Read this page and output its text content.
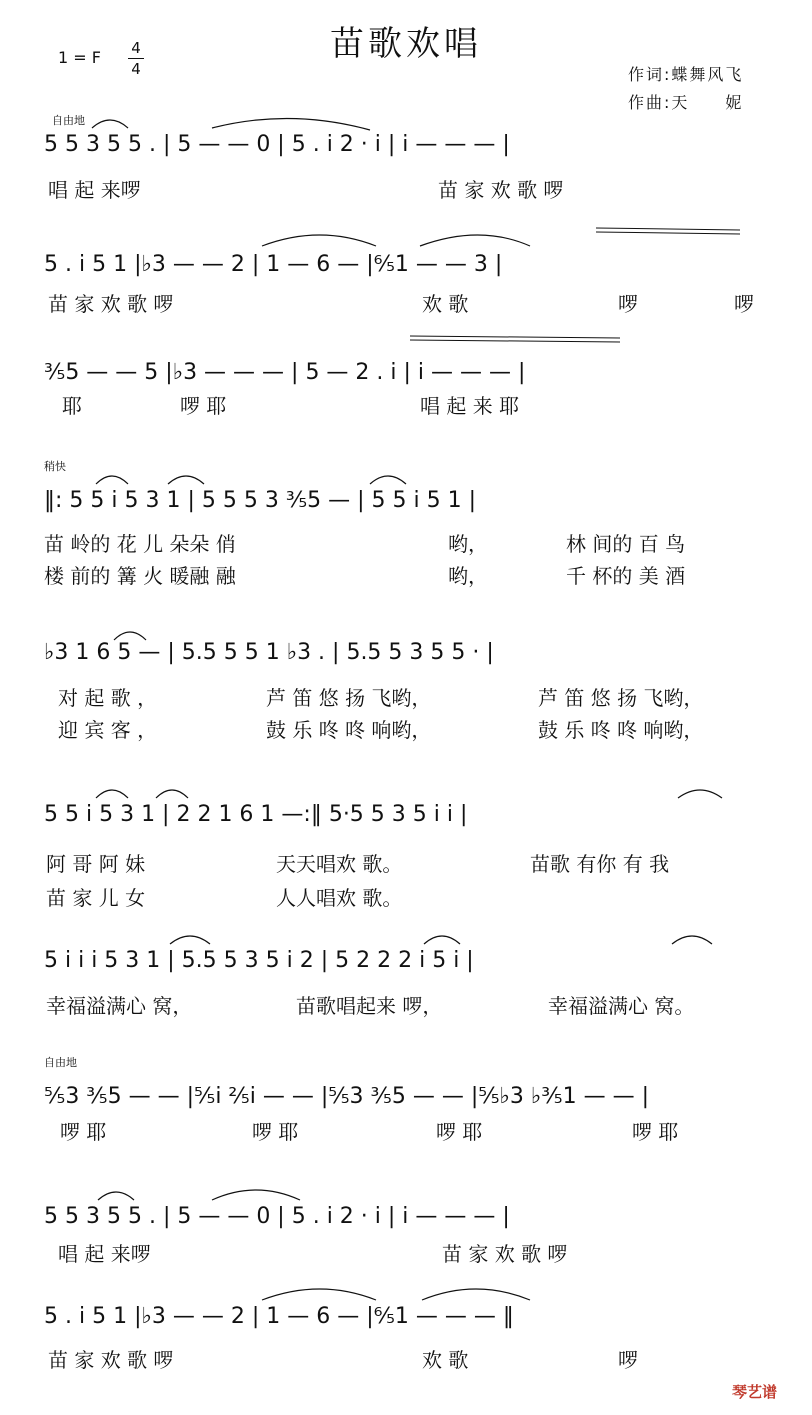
苗歌欢唱
1 = F 4
4	作词:蝶舞风飞
作曲:天　　妮
自由地
稍快
自由地
5 5 3 5 5 . | 5 — — 0 | 5 . i 2 · i | i — — — |
唱 起 来啰	苗 家 欢 歌 啰
5 . i 5 1 |♭3 — — 2 | 1 — 6 — |⁶⁄₅1 — — 3 |
苗 家 欢 歌 啰	欢 歌	啰	啰
³⁄₅5 — — 5 |♭3 — — — | 5 — 2 . i | i — — — |
耶	啰 耶	唱 起 来 耶
‖: 5 5 i 5 3 1 | 5 5 5 3 ³⁄₅5 — | 5 5 i 5 1 |
苗 岭的 花 儿 朵朵 俏	哟，	林 间的 百 鸟
楼 前的 篝 火 暖融 融	哟，	千 杯的 美 酒
♭3 1 6 5 — | 5.5 5 5 1 ♭3 . | 5.5 5 3 5 5 · |
对 起 歌 ，	芦 笛 悠 扬 飞哟，	芦 笛 悠 扬 飞哟，
迎 宾 客 ，	鼓 乐 咚 咚 响哟，	鼓 乐 咚 咚 响哟，
5 5 i 5 3 1 | 2 2 1 6 1 —:‖ 5·5 5 3 5 i i |
阿 哥 阿 妹	天天唱欢 歌。	苗歌 有你 有 我
苗 家 儿 女	人人唱欢 歌。
5 i i i 5 3 1 | 5.5 5 3 5 i 2 | 5 2 2 2 i 5 i |
幸福溢满心 窝，	苗歌唱起来 啰，	幸福溢满心 窝。
⁵⁄₅3 ³⁄₅5 — — |⁵⁄₅i ²⁄₅i — — |⁵⁄₅3 ³⁄₅5 — — |⁵⁄₅♭3 ♭³⁄₅1 — — |
啰 耶	啰 耶	啰 耶	啰 耶
5 5 3 5 5 . | 5 — — 0 | 5 . i 2 · i | i — — — |
唱 起 来啰	苗 家 欢 歌 啰
5 . i 5 1 |♭3 — — 2 | 1 — 6 — |⁶⁄₅1 — — — ‖
苗 家 欢 歌 啰	欢 歌	啰
琴艺谱
